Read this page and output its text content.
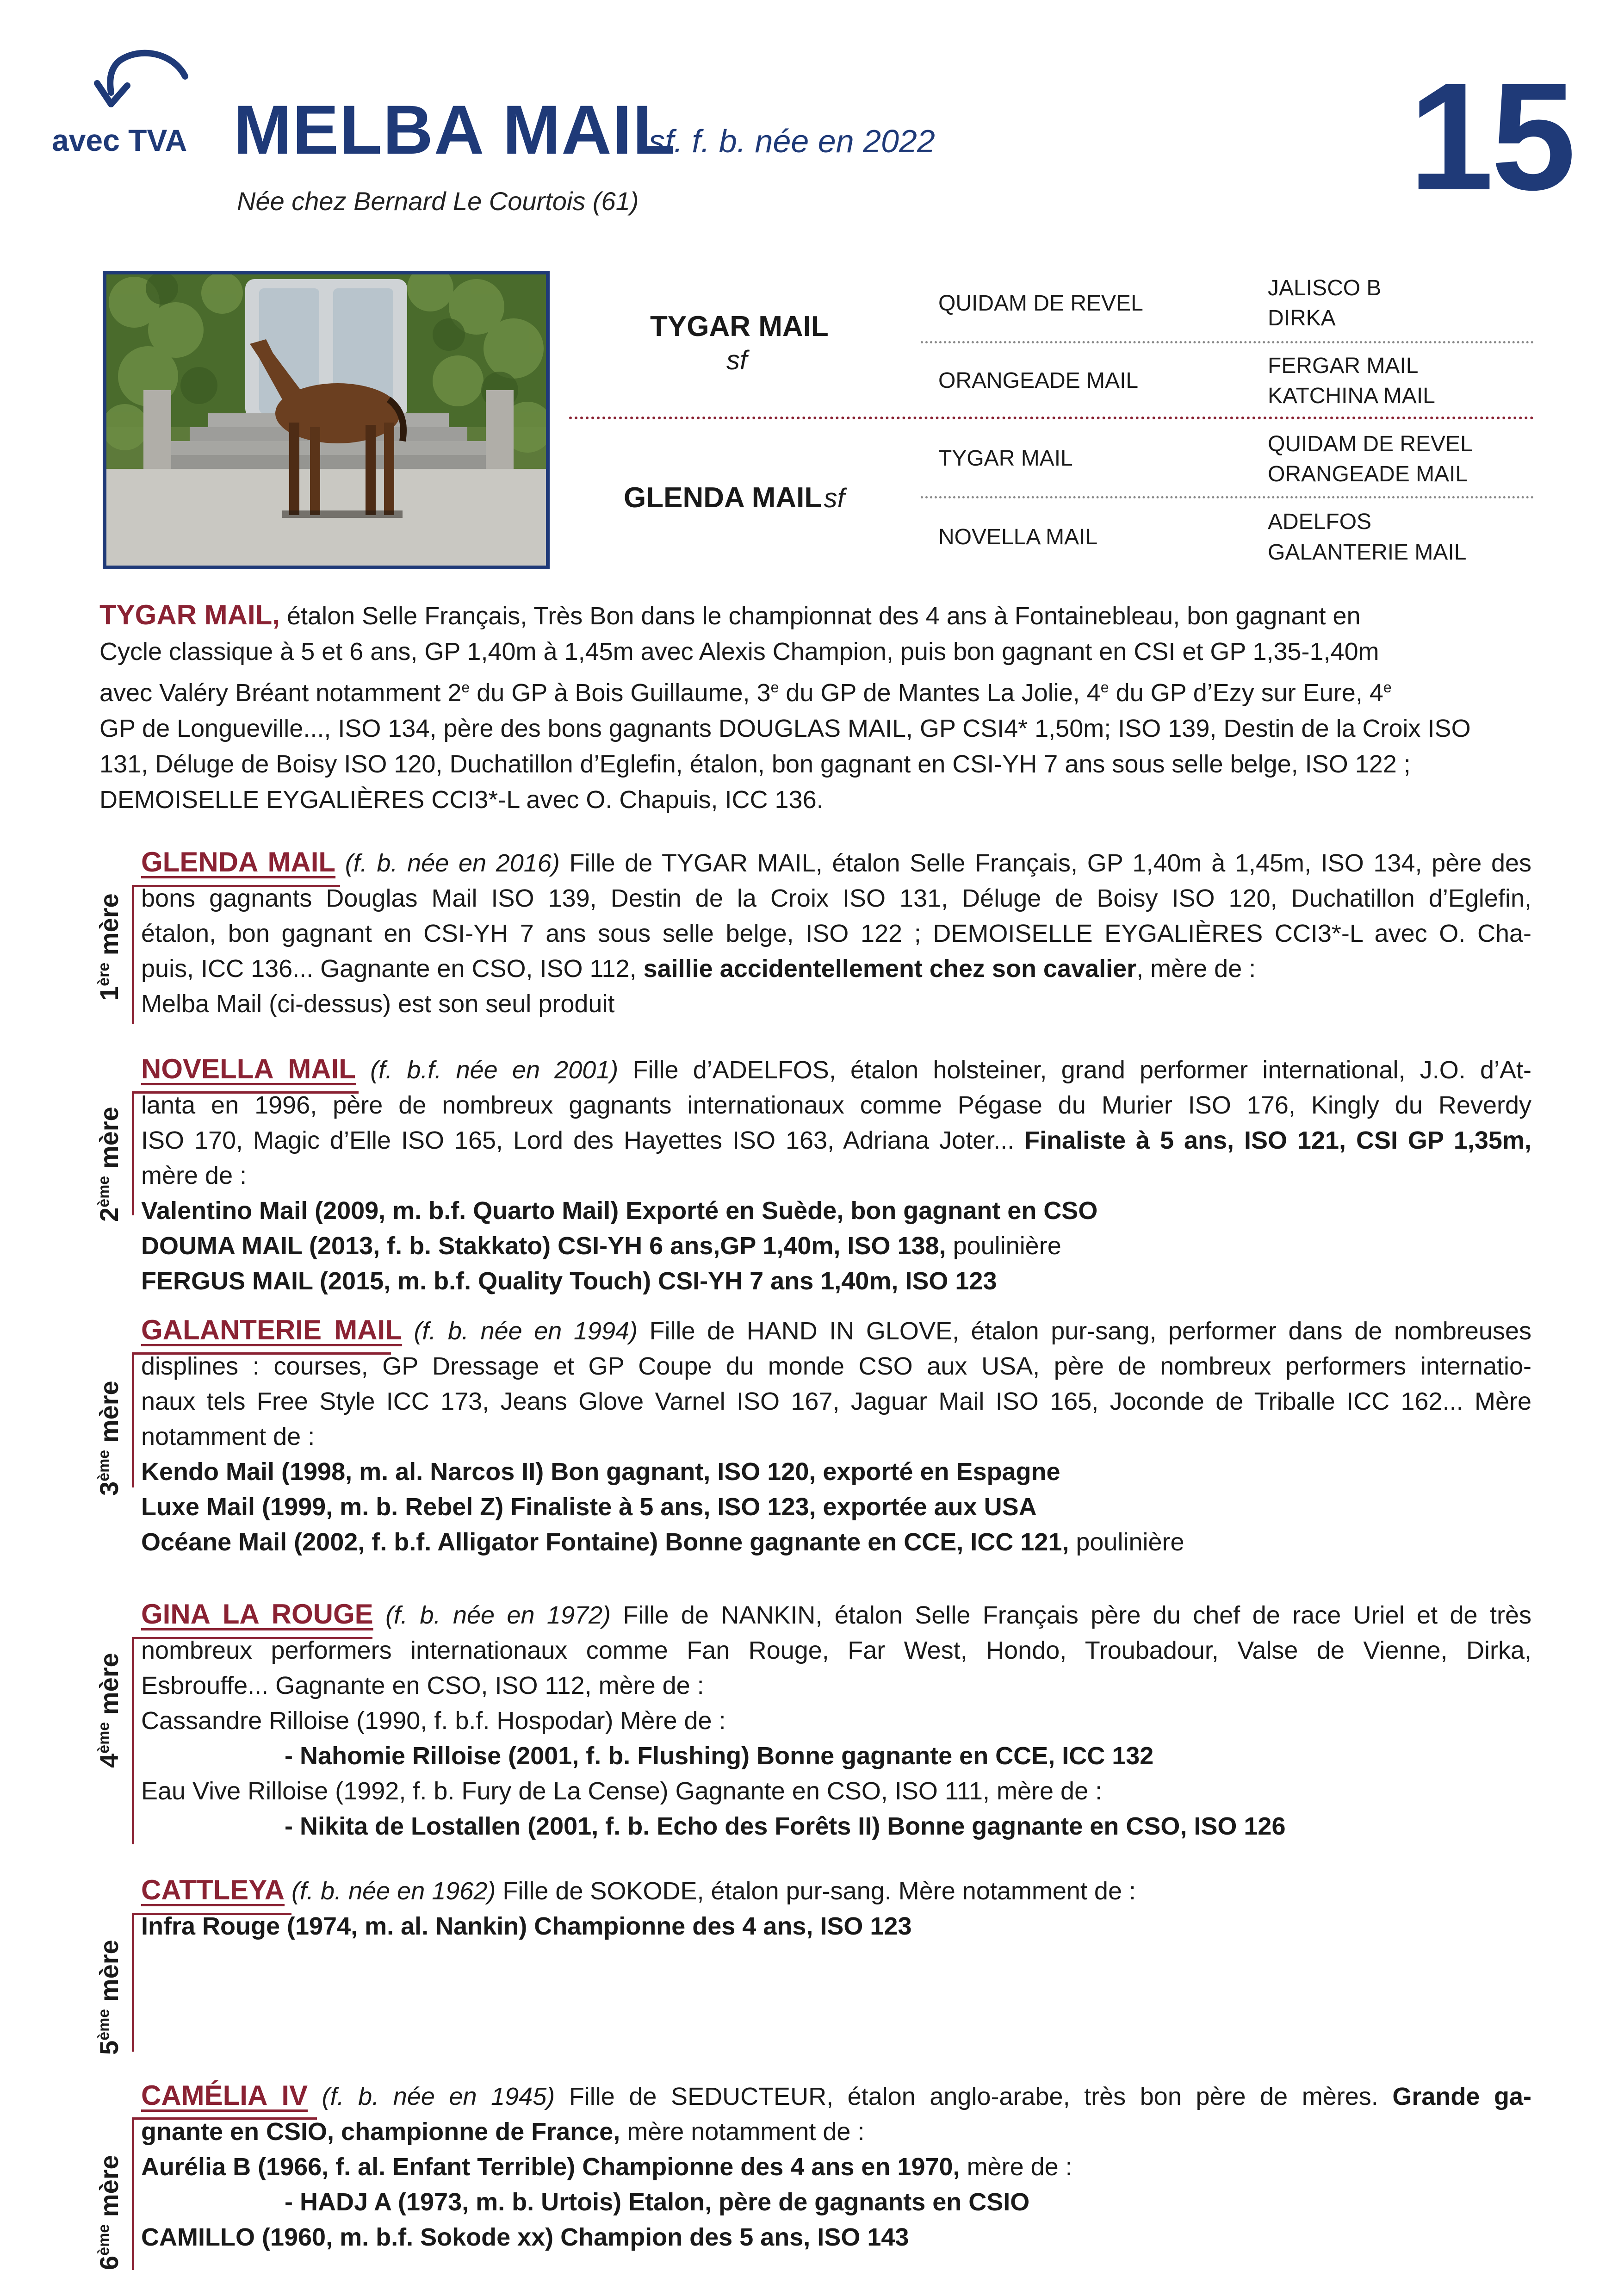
avec TVA MELBA MAIL
sf. f. b. née en 2022
Née chez Bernard Le Courtois (61)	15
TYGAR MAIL
sf
GLENDA MAIL sf
QUIDAM DE REVEL
ORANGEADE MAIL
TYGAR MAIL
NOVELLA MAIL
JALISCO B
DIRKA
FERGAR MAIL
KATCHINA MAIL
QUIDAM DE REVEL
ORANGEADE MAIL
ADELFOS
GALANTERIE MAIL
TYGAR MAIL, étalon Selle Français, Très Bon dans le championnat des 4 ans à Fontainebleau, bon gagnant en
Cycle classique à 5 et 6 ans, GP 1,40m à 1,45m avec Alexis Champion, puis bon gagnant en CSI et GP 1,35-1,40m
avec Valéry Bréant notamment 2e du GP à Bois Guillaume, 3e du GP de Mantes La Jolie, 4e du GP d’Ezy sur Eure, 4e
GP de Longueville..., ISO 134, père des bons gagnants DOUGLAS MAIL, GP CSI4* 1,50m; ISO 139, Destin de la Croix ISO
131, Déluge de Boisy ISO 120, Duchatillon d’Eglefin, étalon, bon gagnant en CSI-YH 7 ans sous selle belge, ISO 122 ;
DEMOISELLE EYGALIÈRES CCI3*-L avec O. Chapuis, ICC 136.
1ère mère
GLENDA MAIL (f. b. née en 2016) Fille de TYGAR MAIL, étalon Selle Français, GP 1,40m à 1,45m, ISO 134, père des
bons gagnants Douglas Mail ISO 139, Destin de la Croix ISO 131, Déluge de Boisy ISO 120, Duchatillon d’Eglefin,
étalon, bon gagnant en CSI-YH 7 ans sous selle belge, ISO 122 ; DEMOISELLE EYGALIÈRES CCI3*-L avec O. Cha-
puis, ICC 136... Gagnante en CSO, ISO 112, saillie accidentellement chez son cavalier, mère de :
Melba Mail (ci-dessus) est son seul produit
2ème mère
NOVELLA MAIL (f. b.f. née en 2001) Fille d’ADELFOS, étalon holsteiner, grand performer international, J.O. d’At-
lanta en 1996, père de nombreux gagnants internationaux comme Pégase du Murier ISO 176, Kingly du Reverdy
ISO 170, Magic d’Elle ISO 165, Lord des Hayettes ISO 163, Adriana Joter... Finaliste à 5 ans, ISO 121, CSI GP 1,35m,
mère de :
Valentino Mail (2009, m. b.f. Quarto Mail) Exporté en Suède, bon gagnant en CSO
DOUMA MAIL (2013, f. b. Stakkato) CSI-YH 6 ans,GP 1,40m, ISO 138, poulinière
FERGUS MAIL (2015, m. b.f. Quality Touch) CSI-YH 7 ans 1,40m, ISO 123
3ème mère
GALANTERIE MAIL (f. b. née en 1994) Fille de HAND IN GLOVE, étalon pur-sang, performer dans de nombreuses
displines : courses, GP Dressage et GP Coupe du monde CSO aux USA, père de nombreux performers internatio-
naux tels Free Style ICC 173, Jeans Glove Varnel ISO 167, Jaguar Mail ISO 165, Joconde de Triballe ICC 162... Mère
notamment de :
Kendo Mail (1998, m. al. Narcos II) Bon gagnant, ISO 120, exporté en Espagne
Luxe Mail (1999, m. b. Rebel Z) Finaliste à 5 ans, ISO 123, exportée aux USA
Océane Mail (2002, f. b.f. Alligator Fontaine) Bonne gagnante en CCE, ICC 121, poulinière
4ème mère
GINA LA ROUGE (f. b. née en 1972) Fille de NANKIN, étalon Selle Français père du chef de race Uriel et de très
nombreux performers internationaux comme Fan Rouge, Far West, Hondo, Troubadour, Valse de Vienne, Dirka,
Esbrouffe... Gagnante en CSO, ISO 112, mère de :
Cassandre Rilloise (1990, f. b.f. Hospodar) Mère de :
- Nahomie Rilloise (2001, f. b. Flushing) Bonne gagnante en CCE, ICC 132
Eau Vive Rilloise (1992, f. b. Fury de La Cense) Gagnante en CSO, ISO 111, mère de :
- Nikita de Lostallen (2001, f. b. Echo des Forêts II) Bonne gagnante en CSO, ISO 126
5ème mère
CATTLEYA (f. b. née en 1962) Fille de SOKODE, étalon pur-sang. Mère notamment de :
Infra Rouge (1974, m. al. Nankin) Championne des 4 ans, ISO 123
6ème mère
CAMÉLIA IV (f. b. née en 1945) Fille de SEDUCTEUR, étalon anglo-arabe, très bon père de mères. Grande ga-
gnante en CSIO, championne de France, mère notamment de :
Aurélia B (1966, f. al. Enfant Terrible) Championne des 4 ans en 1970, mère de :
- HADJ A (1973, m. b. Urtois) Etalon, père de gagnants en CSIO
CAMILLO (1960, m. b.f. Sokode xx) Champion des 5 ans, ISO 143
